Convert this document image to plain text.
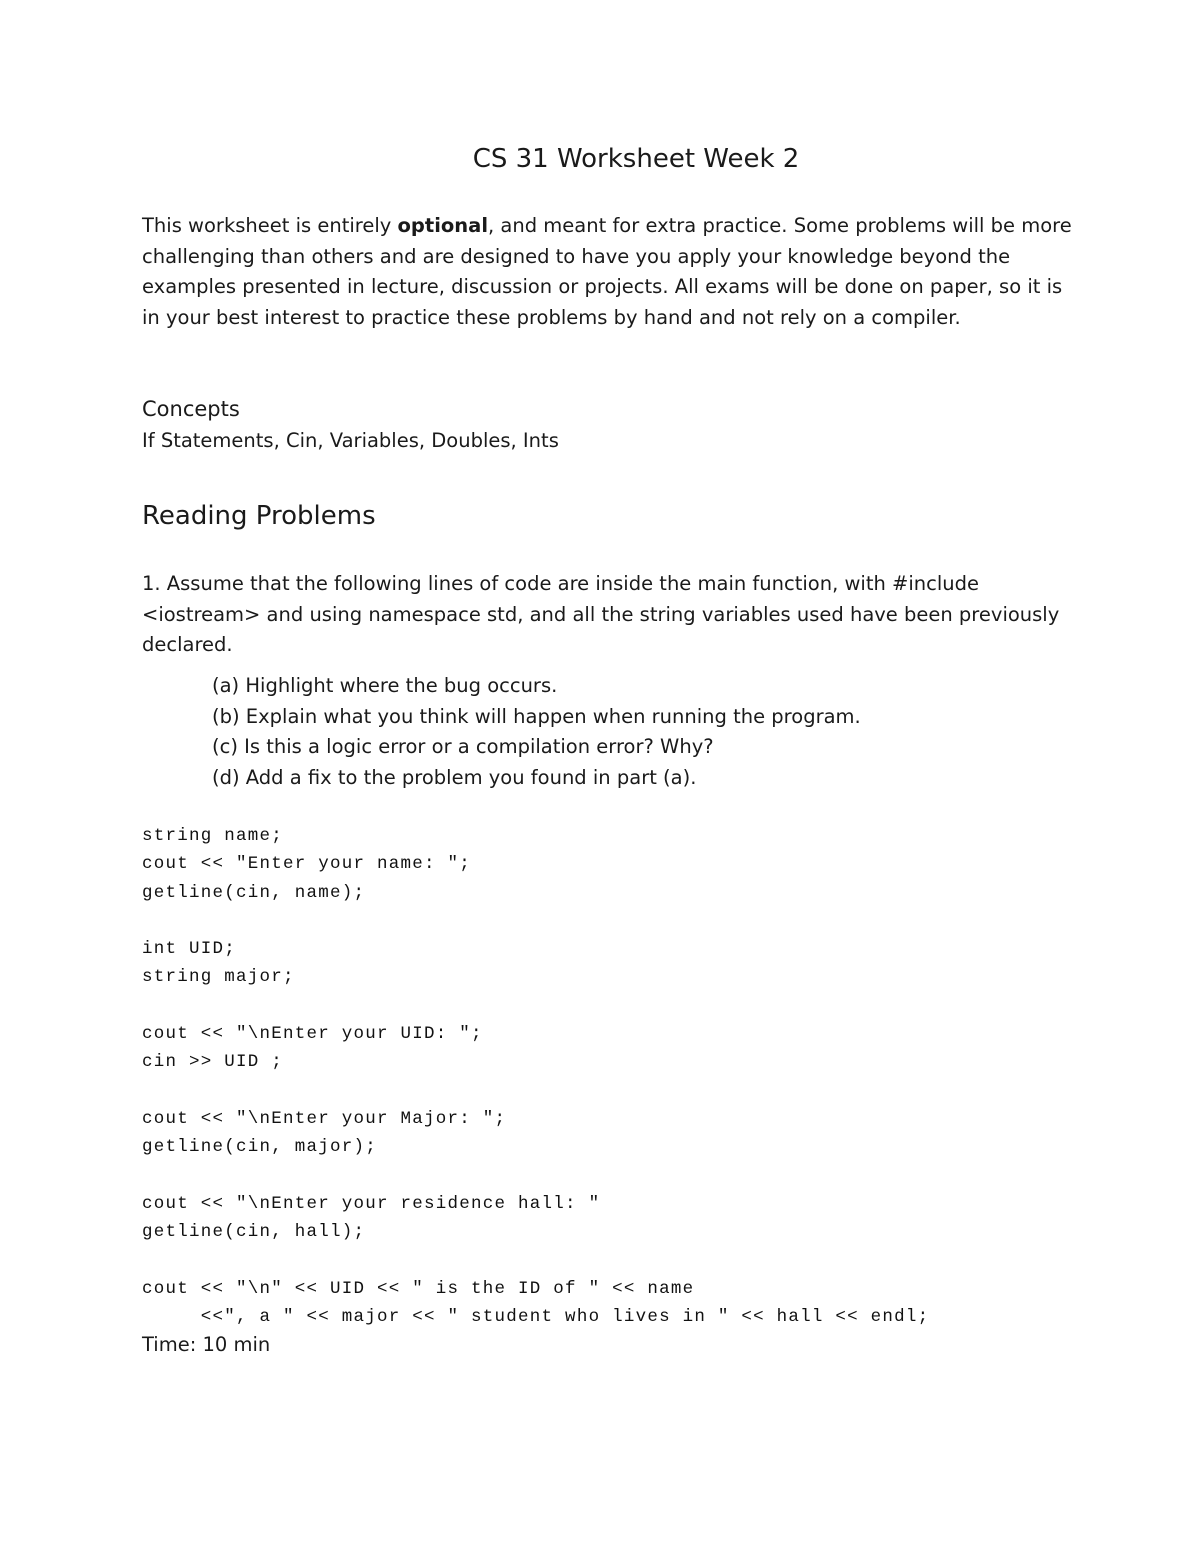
CS 31 Worksheet Week 2

This worksheet is entirely optional, and meant for extra practice. Some problems will be more challenging than others and are designed to have you apply your knowledge beyond the examples presented in lecture, discussion or projects. All exams will be done on paper, so it is in your best interest to practice these problems by hand and not rely on a compiler.

Concepts

If Statements, Cin, Variables, Doubles, Ints

Reading Problems

1. Assume that the following lines of code are inside the main function, with #include <iostream> and using namespace std, and all the string variables used have been previously declared.

(a) Highlight where the bug occurs.
(b) Explain what you think will happen when running the program.
(c) Is this a logic error or a compilation error? Why?
(d) Add a fix to the problem you found in part (a).
string name;
cout << "Enter your name: ";
getline(cin, name);

int UID;
string major;

cout << "\nEnter your UID: ";
cin >> UID ;

cout << "\nEnter your Major: ";
getline(cin, major);

cout << "\nEnter your residence hall: "
getline(cin, hall);

cout << "\n" << UID << " is the ID of " << name
<<", a " << major << " student who lives in " << hall << endl;

Time: 10 min
